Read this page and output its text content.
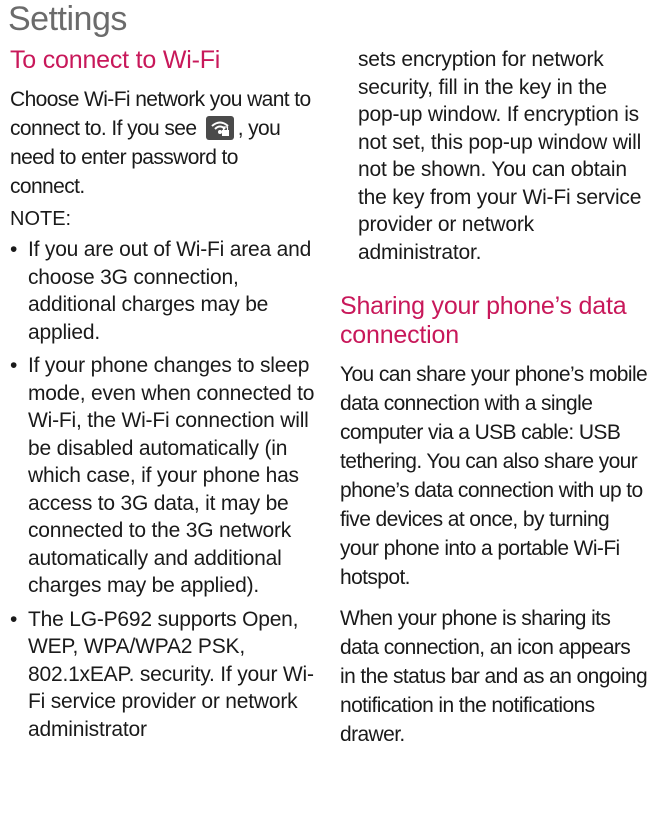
Settings
To connect to Wi-Fi

Choose Wi-Fi network you want to connect to. If you see , you need to enter password to connect.

NOTE:
• If you are out of Wi-Fi area and choose 3G connection, additional charges may be applied.
• If your phone changes to sleep mode, even when connected to Wi-Fi, the Wi-Fi connection will be disabled automatically (in which case, if your phone has access to 3G data, it may be connected to the 3G network automatically and additional charges may be applied).
• The LG-P692 supports Open, WEP, WPA/WPA2 PSK, 802.1xEAP. security. If your Wi-Fi service provider or network administrator

sets encryption for network security, fill in the key in the pop-up window. If encryption is not set, this pop-up window will not be shown. You can obtain the key from your Wi-Fi service provider or network administrator.

Sharing your phone’s data connection

You can share your phone’s mobile data connection with a single computer via a USB cable: USB tethering. You can also share your phone’s data connection with up to five devices at once, by turning your phone into a portable Wi-Fi hotspot.

When your phone is sharing its data connection, an icon appears in the status bar and as an ongoing notification in the notifications drawer.
